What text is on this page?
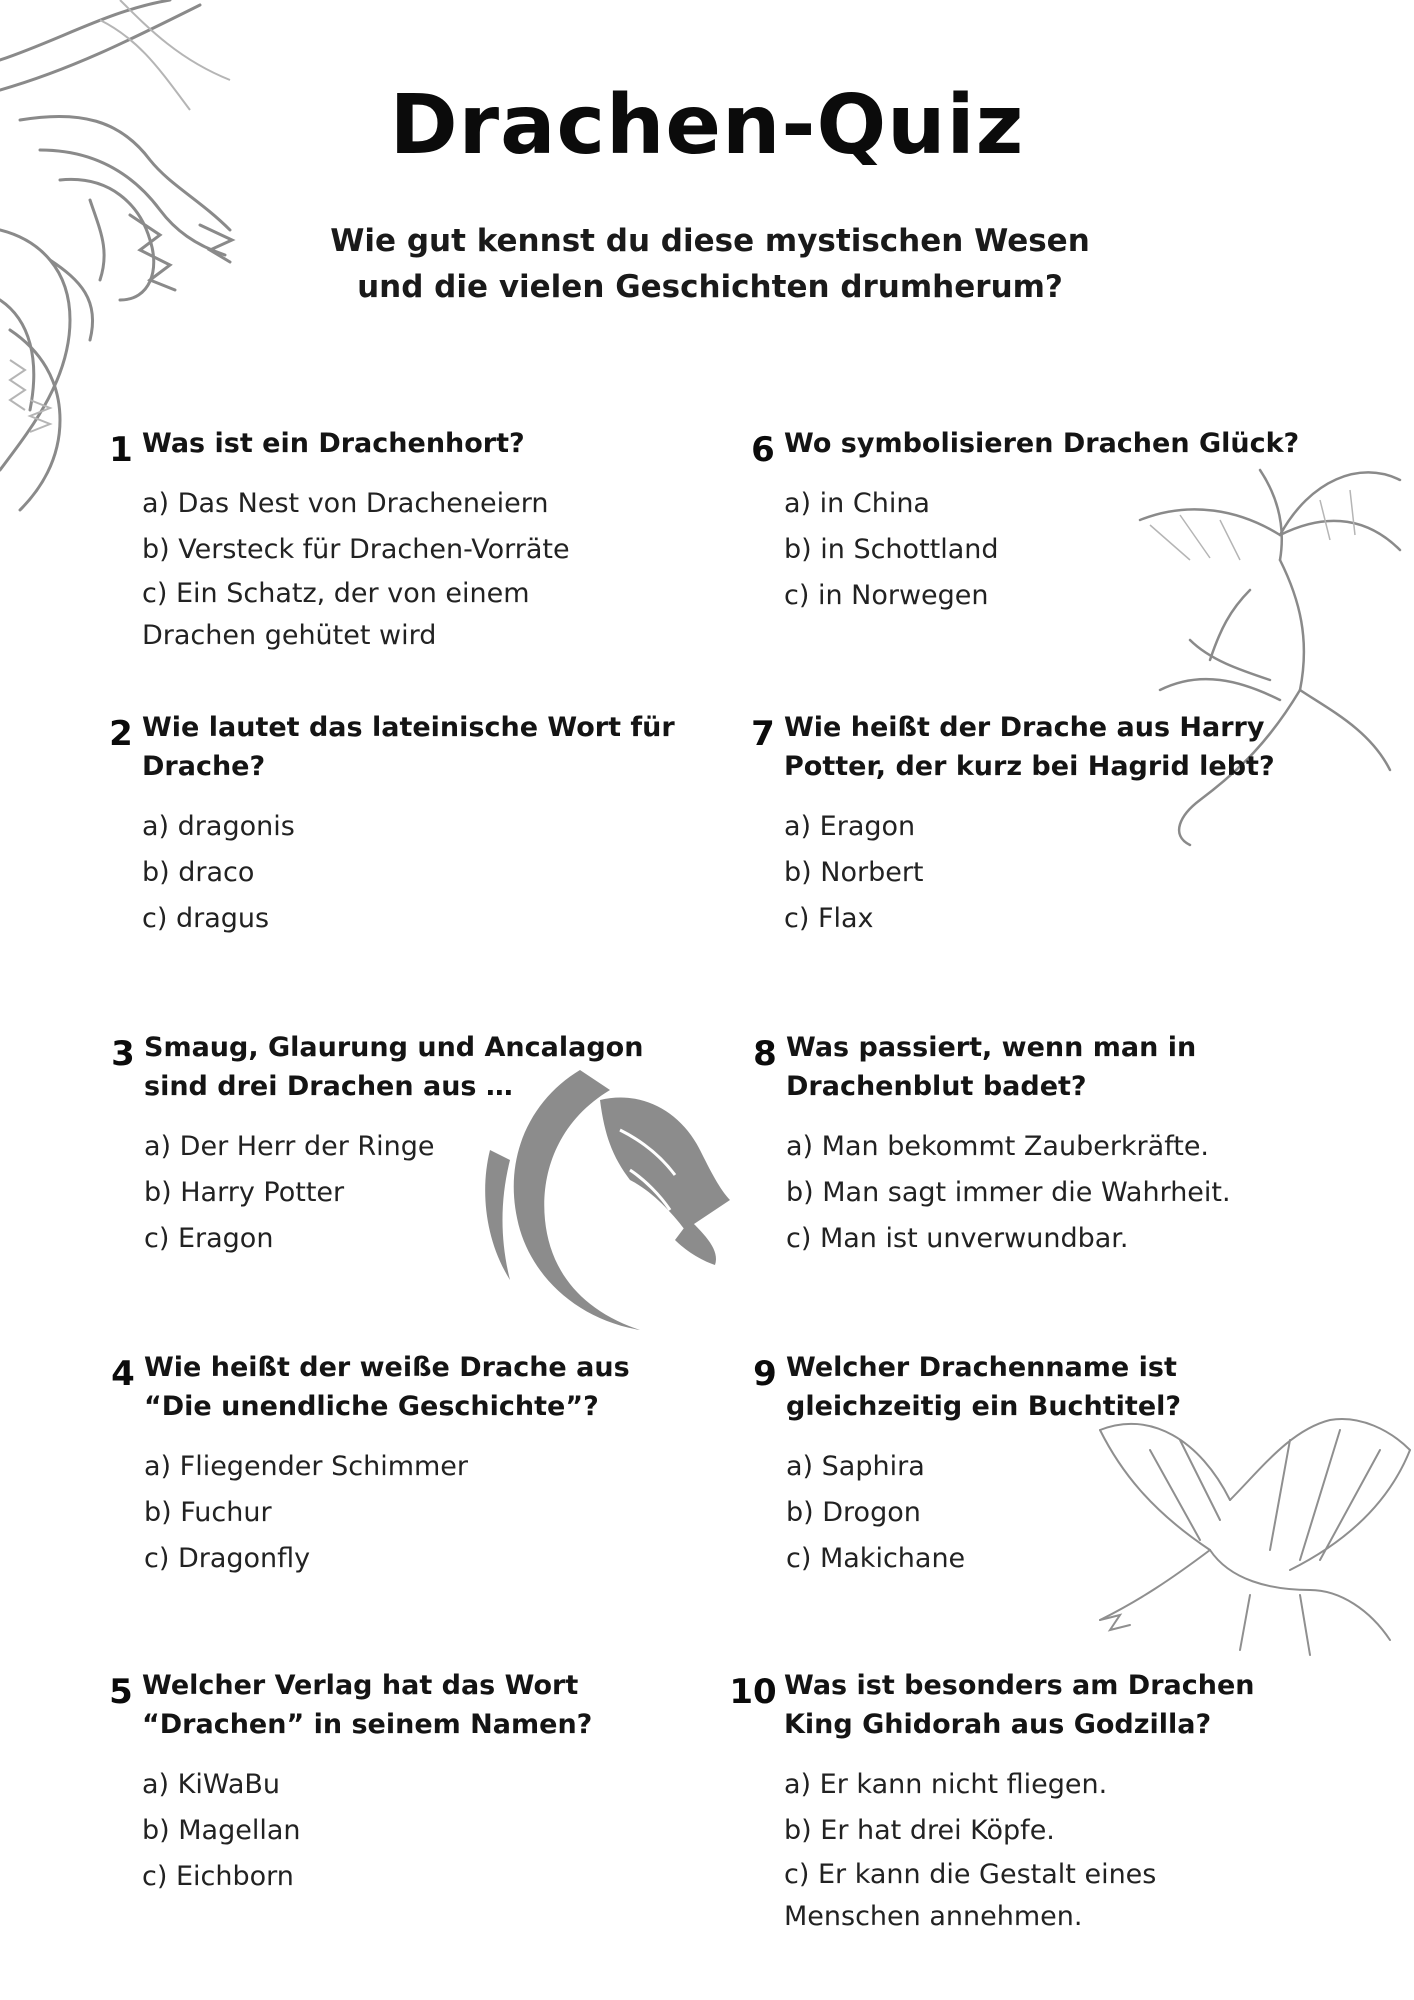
Drachen-Quiz
Wie gut kennst du diese mystischen Wesen
und die vielen Geschichten drumherum?
1 Was ist ein Drachenhort?

a) Das Nest von Dracheneiern

b) Versteck für Drachen-Vorräte

c) Ein Schatz, der von einem Drachen gehütet wird

2 Wie lautet das lateinische Wort für Drache?

a) dragonis

b) draco

c) dragus

3 Smaug, Glaurung und Ancalagon sind drei Drachen aus …

a) Der Herr der Ringe

b) Harry Potter

c) Eragon

4 Wie heißt der weiße Drache aus “Die unendliche Geschichte”?

a) Fliegender Schimmer

b) Fuchur

c) Dragonfly

5 Welcher Verlag hat das Wort “Drachen” in seinem Namen?

a) KiWaBu

b) Magellan

c) Eichborn

6 Wo symbolisieren Drachen Glück?

a) in China

b) in Schottland

c) in Norwegen

7 Wie heißt der Drache aus Harry Potter, der kurz bei Hagrid lebt?

a) Eragon

b) Norbert

c) Flax

8 Was passiert, wenn man in Drachenblut badet?

a) Man bekommt Zauberkräfte.

b) Man sagt immer die Wahrheit.

c) Man ist unverwundbar.

9 Welcher Drachenname ist gleichzeitig ein Buchtitel?

a) Saphira

b) Drogon

c) Makichane

10 Was ist besonders am Drachen King Ghidorah aus Godzilla?

a) Er kann nicht fliegen.

b) Er hat drei Köpfe.

c) Er kann die Gestalt eines Menschen annehmen.
